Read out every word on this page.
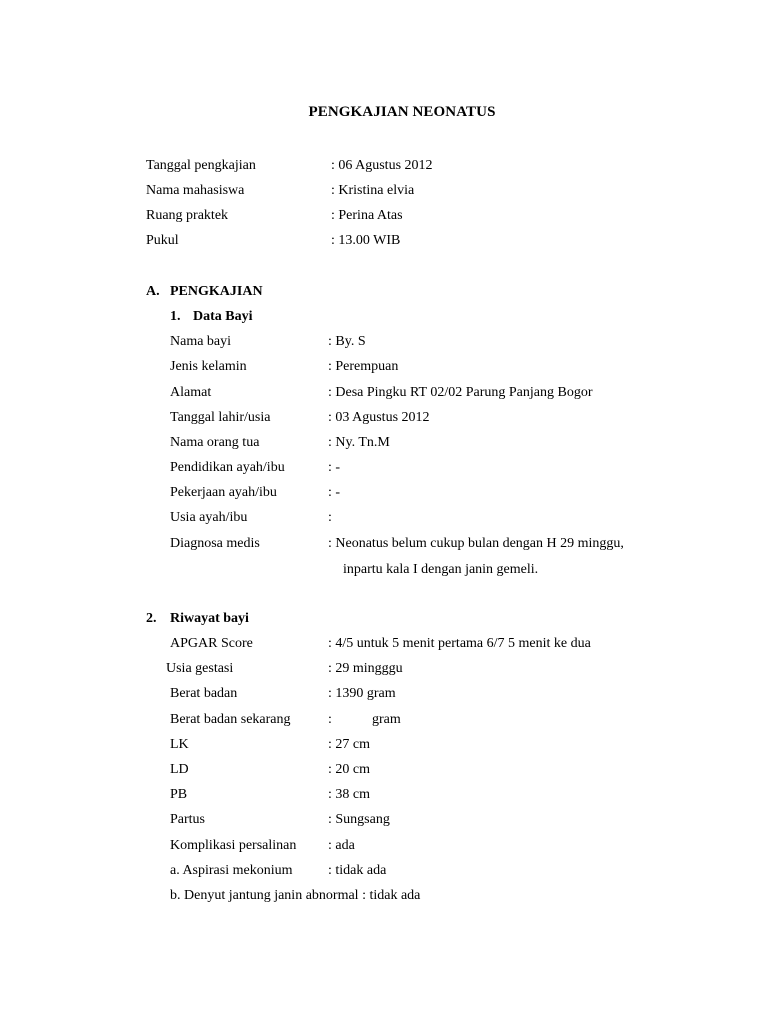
PENGKAJIAN NEONATUS
Tanggal pengkajian	: 06 Agustus 2012
Nama mahasiswa	: Kristina elvia
Ruang praktek	: Perina Atas
Pukul	: 13.00 WIB
A. PENGKAJIAN
1. Data Bayi
Nama bayi	: By. S
Jenis kelamin	: Perempuan
Alamat	: Desa Pingku RT 02/02 Parung Panjang Bogor
Tanggal lahir/usia	: 03 Agustus 2012
Nama orang tua	: Ny. Tn.M
Pendidikan ayah/ibu	: -
Pekerjaan ayah/ibu	: -
Usia ayah/ibu	:
Diagnosa medis	: Neonatus belum cukup bulan dengan H 29 minggu,
inpartu kala I dengan janin gemeli.
2. Riwayat bayi
APGAR Score	: 4/5 untuk 5 menit pertama 6/7 5 menit ke dua
Usia gestasi	: 29 mingggu
Berat badan	: 1390 gram
Berat badan sekarang	:	gram
LK	: 27 cm
LD	: 20 cm
PB	: 38 cm
Partus	: Sungsang
Komplikasi persalinan : ada
a. Aspirasi mekonium	: tidak ada
b. Denyut jantung janin abnormal : tidak ada
